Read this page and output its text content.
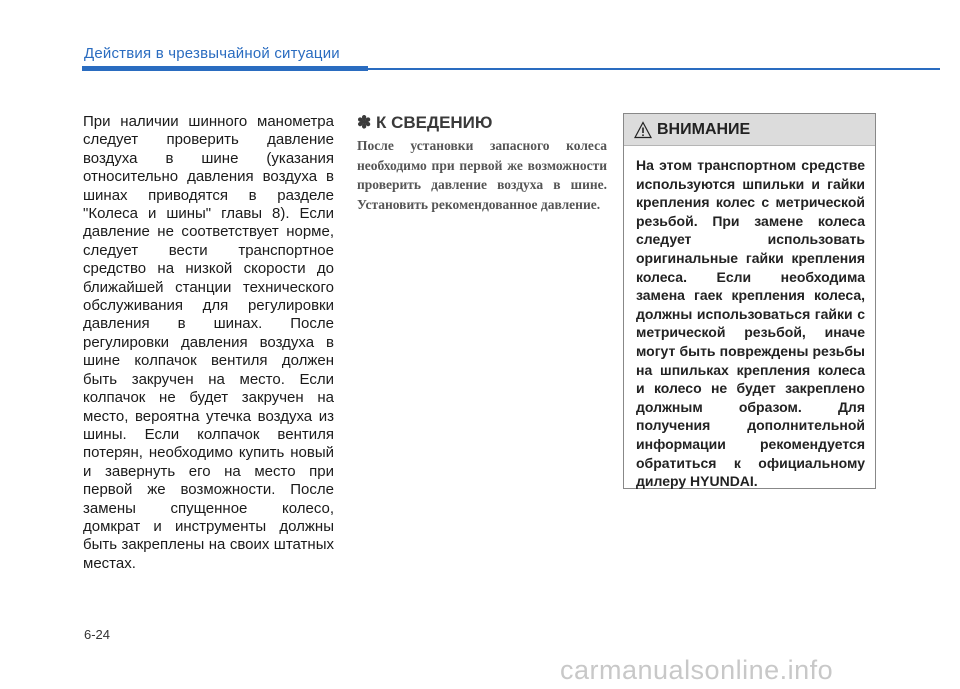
Действия в чрезвычайной ситуации
При наличии шинного манометра следует проверить давление воздуха в шине (указания относительно давления воздуха в шинах приводятся в разделе "Колеса и шины" главы 8). Если давление не соответствует норме, следует вести транспортное средство на низкой скорости до ближайшей станции технического обслуживания для регулировки давления в шинах. После регулировки давления воздуха в шине колпачок вентиля должен быть закручен на место. Если колпачок не будет закручен на место, вероятна утечка воздуха из шины. Если колпачок вентиля потерян, необходимо купить новый и завернуть его на место при первой же возможности. После замены спущенное колесо, домкрат и инструменты должны быть закреплены на своих штатных местах.
✽ К СВЕДЕНИЮ
После установки запасного колеса необходимо при первой же возможности проверить давление воздуха в шине. Установить рекомендованное давление.
ВНИМАНИЕ
На этом транспортном средстве используются шпильки и гайки крепления колес с метрической резьбой. При замене колеса следует использовать оригинальные гайки крепления колеса. Если необходима замена гаек крепления колеса, должны использоваться гайки с метрической резьбой, иначе могут быть повреждены резьбы на шпильках крепления колеса и колесо не будет закреплено должным образом. Для получения дополнительной информации рекомендуется обратиться к официальному дилеру HYUNDAI.
6-24
carmanualsonline.info
